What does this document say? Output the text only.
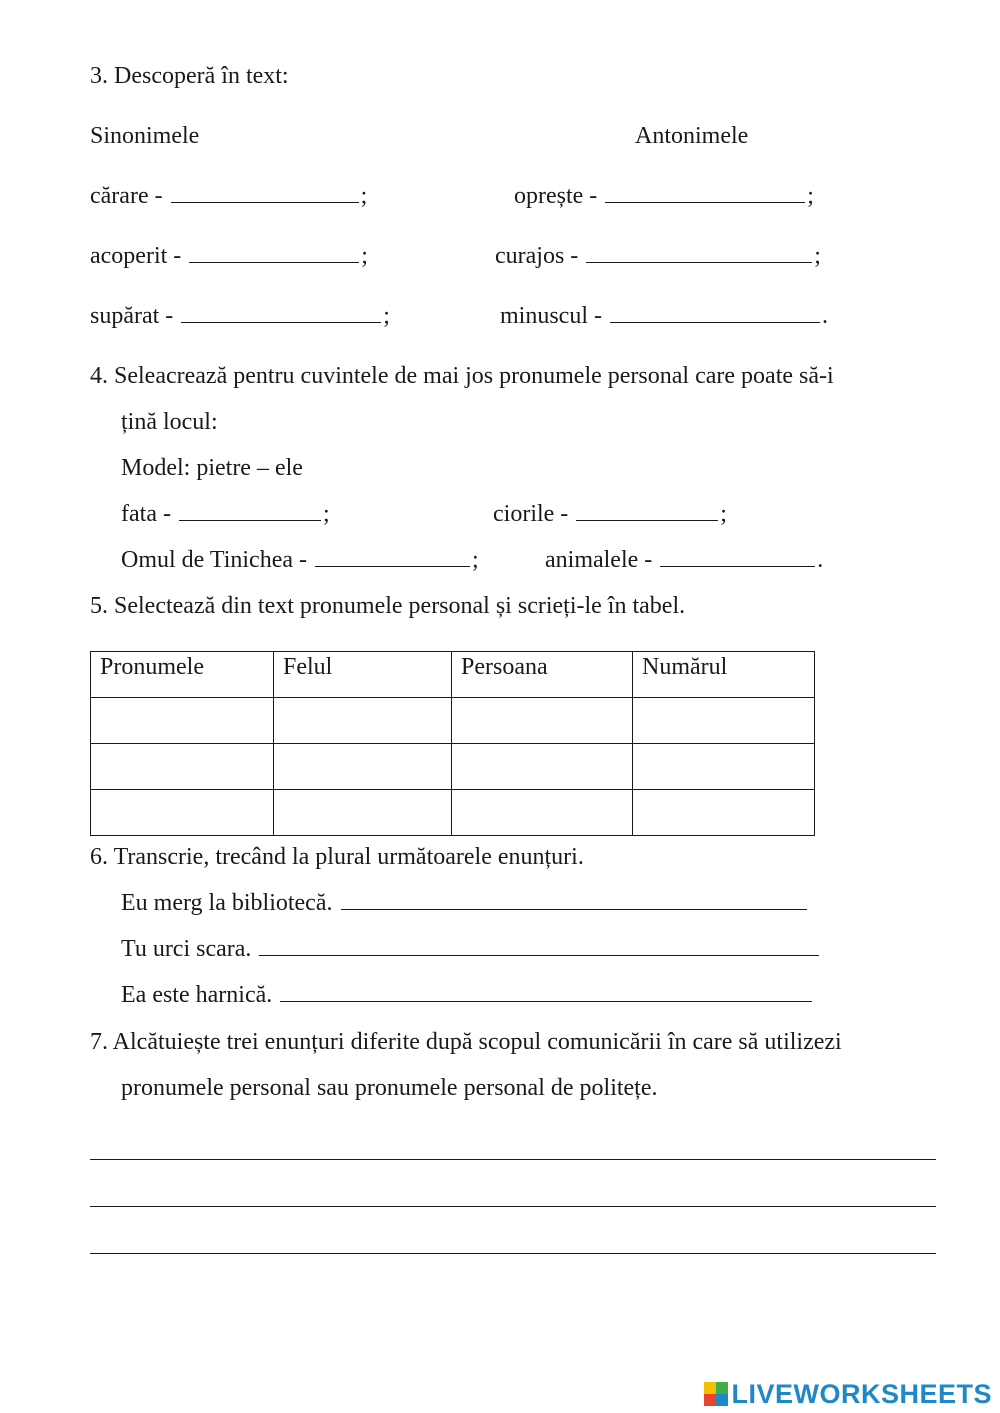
3. Descoperă în text:
Sinonimele	Antonimele
cărare -	;	oprește -	;
acoperit -	;	curajos -	;
supărat -	;	minuscul -	.
4. Seleacrează pentru cuvintele de mai jos pronumele personal care poate să-i
țină locul:
Model: pietre – ele
fata -	;	ciorile -	;
Omul de Tinichea -	;	animalele -	.
5. Selectează din text pronumele personal și scrieți-le în tabel.
Pronumele	Felul	Persoana	Numărul

6. Transcrie, trecând la plural următoarele enunțuri.
Eu merg la bibliotecă.
Tu urci scara.
Ea este harnică.
7. Alcătuiește trei enunțuri diferite după scopul comunicării în care să utilizezi
pronumele personal sau pronumele personal de politețe.
LIVEWORKSHEETS
